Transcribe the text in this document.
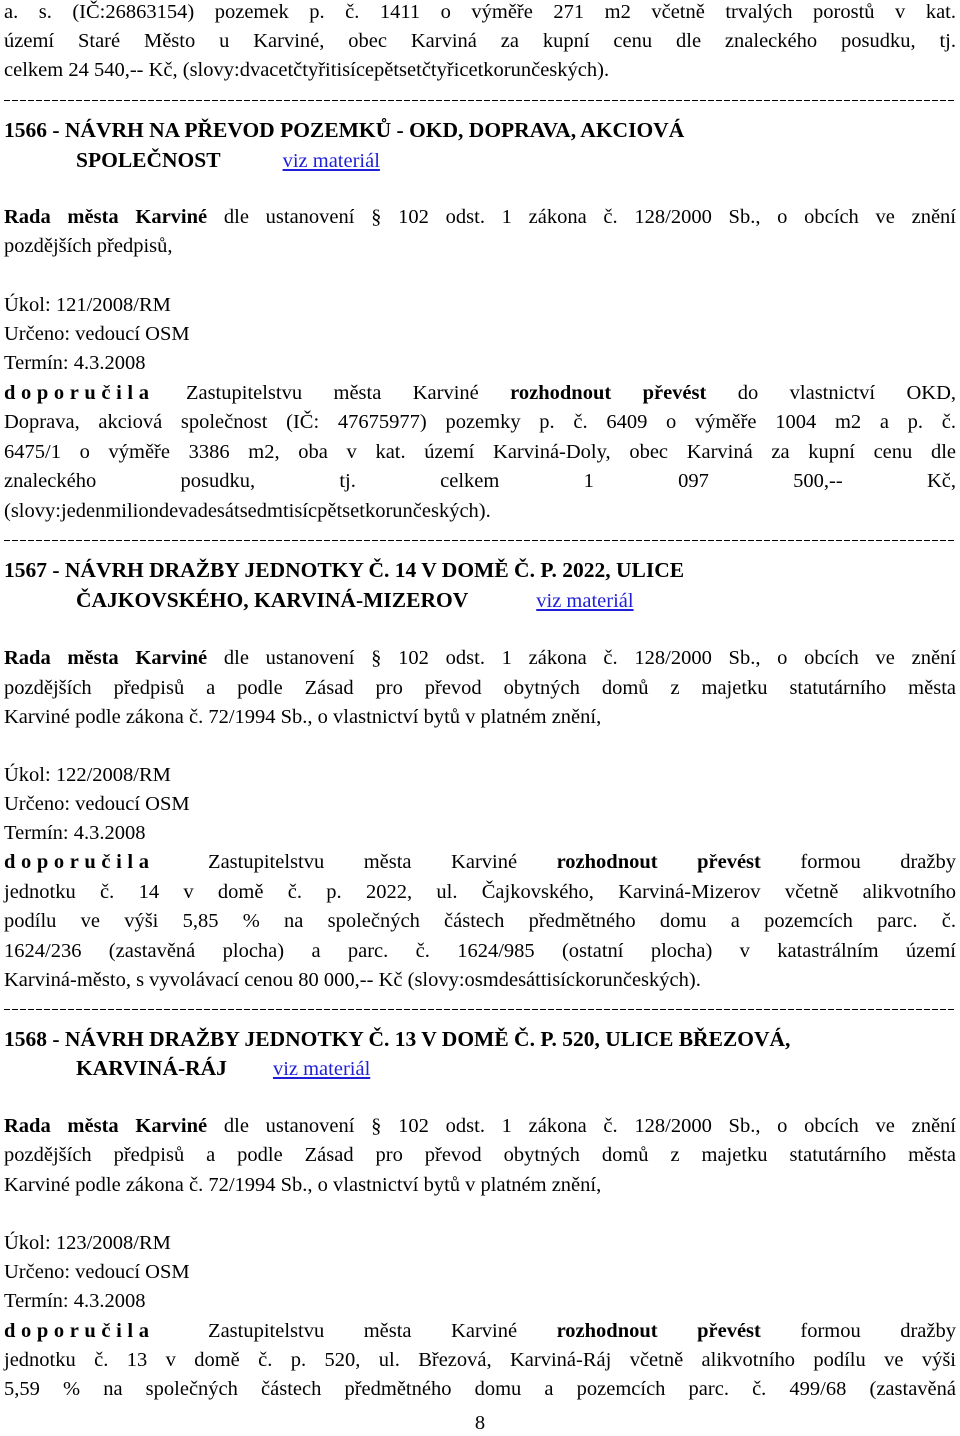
a. s. (IČ:26863154) pozemek p. č. 1411 o výměře 271 m2 včetně trvalých porostů v kat.
území Staré Město u Karviné, obec Karviná za kupní cenu dle znaleckého posudku, tj.
celkem 24 540,-- Kč, (slovy:dvacetčtyřitisícepětsetčtyřicetkorunčeských).
1566 - NÁVRH NA PŘEVOD POZEMKŮ - OKD, DOPRAVA, AKCIOVÁ
SPOLEČNOST	viz materiál
Rada města Karviné dle ustanovení § 102 odst. 1 zákona č. 128/2000 Sb., o obcích ve znění
pozdějších předpisů,
Úkol: 121/2008/RM
Určeno: vedoucí OSM
Termín: 4.3.2008
doporučila Zastupitelstvu města Karviné rozhodnout převést do vlastnictví OKD,
Doprava, akciová společnost (IČ: 47675977) pozemky p. č. 6409 o výměře 1004 m2 a p. č.
6475/1 o výměře 3386 m2, oba v kat. území Karviná-Doly, obec Karviná za kupní cenu dle
znaleckého posudku, tj. celkem 1 097 500,-- Kč,
(slovy:jedenmiliondevadesátsedmtisícpětsetkorunčeských).
1567 - NÁVRH DRAŽBY JEDNOTKY Č. 14 V DOMĚ Č. P. 2022, ULICE
ČAJKOVSKÉHO, KARVINÁ-MIZEROV	viz materiál
Rada města Karviné dle ustanovení § 102 odst. 1 zákona č. 128/2000 Sb., o obcích ve znění
pozdějších předpisů a podle Zásad pro převod obytných domů z majetku statutárního města
Karviné podle zákona č. 72/1994 Sb., o vlastnictví bytů v platném znění,
Úkol: 122/2008/RM
Určeno: vedoucí OSM
Termín: 4.3.2008
doporučila Zastupitelstvu města Karviné rozhodnout převést formou dražby
jednotku č. 14 v domě č. p. 2022, ul. Čajkovského, Karviná-Mizerov včetně alikvotního
podílu ve výši 5,85 % na společných částech předmětného domu a pozemcích parc. č.
1624/236 (zastavěná plocha) a parc. č. 1624/985 (ostatní plocha) v katastrálním území
Karviná-město, s vyvolávací cenou 80 000,-- Kč (slovy:osmdesáttisíckorunčeských).
1568 - NÁVRH DRAŽBY JEDNOTKY Č. 13 V DOMĚ Č. P. 520, ULICE BŘEZOVÁ,
KARVINÁ-RÁJ viz materiál
Rada města Karviné dle ustanovení § 102 odst. 1 zákona č. 128/2000 Sb., o obcích ve znění
pozdějších předpisů a podle Zásad pro převod obytných domů z majetku statutárního města
Karviné podle zákona č. 72/1994 Sb., o vlastnictví bytů v platném znění,
Úkol: 123/2008/RM
Určeno: vedoucí OSM
Termín: 4.3.2008
doporučila Zastupitelstvu města Karviné rozhodnout převést formou dražby
jednotku č. 13 v domě č. p. 520, ul. Březová, Karviná-Ráj včetně alikvotního podílu ve výši
5,59 % na společných částech předmětného domu a pozemcích parc. č. 499/68 (zastavěná
8
